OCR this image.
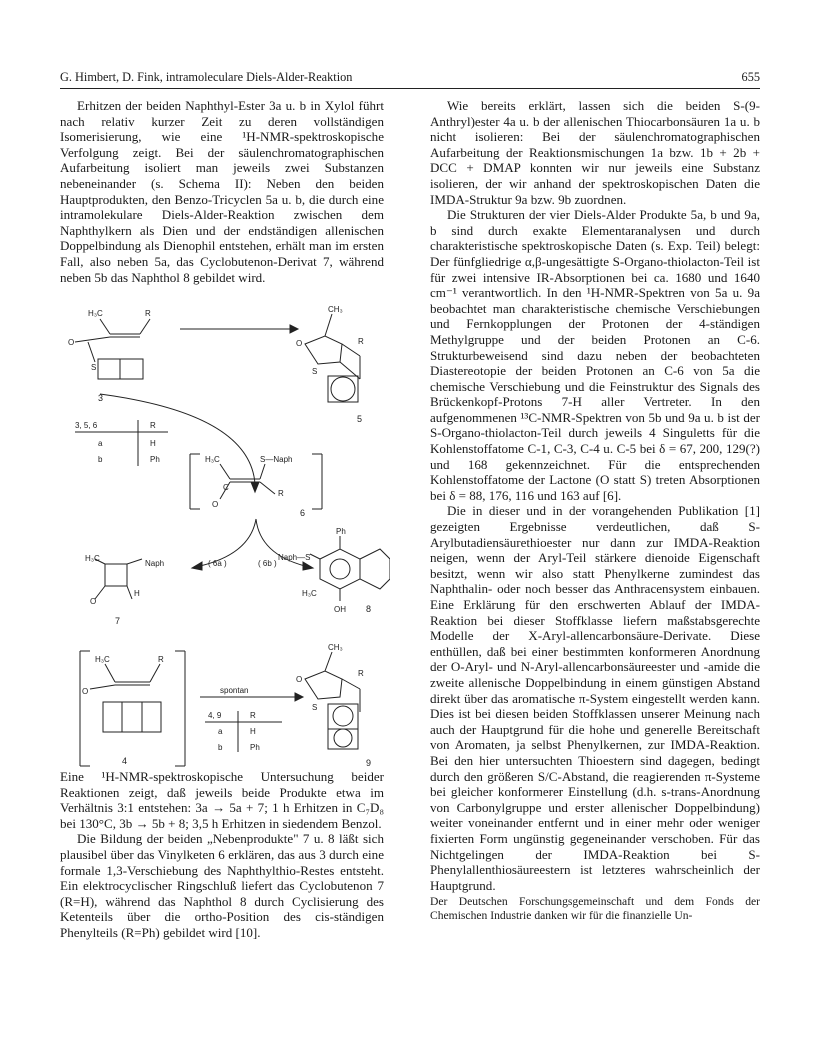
G. Himbert, D. Fink, intramoleculare Diels-Alder-Reaktion	655

Erhitzen der beiden Naphthyl-Ester 3a u. b in Xylol führt nach relativ kurzer Zeit zu deren vollständigen Isomerisierung, wie eine ¹H-NMR-spektroskopische Verfolgung zeigt. Bei der säulenchromatographischen Aufarbeitung isoliert man jeweils zwei Substanzen nebeneinander (s. Schema II): Neben den beiden Hauptprodukten, den Benzo-Tricyclen 5a u. b, die durch eine intramolekulare Diels-Alder-Reaktion zwischen dem Naphthylkern als Dien und der endständigen allenischen Doppelbindung als Dienophil entstehen, erhält man im ersten Fall, also neben 5a, das Cyclobutenon-Derivat 7, während neben 5b das Naphthol 8 gebildet wird.

H₃C	R
O
S
3
CH₃
O
S
R
5
3, 5, 6	R
a	H
b	Ph	H₃C	S—Naph
C
O
R
6
( 6a )	( 6b )
H₃C
Naph
O
H
7
Ph
Naph—S
H₃C
OH 8
H₃C	R
O
4
spontan
4, 9	R
a	H
b	Ph
CH₃
O
S
R
9

Eine ¹H-NMR-spektroskopische Untersuchung beider Reaktionen zeigt, daß jeweils beide Produkte etwa im Verhältnis 3:1 entstehen: 3a → 5a + 7; 1 h Erhitzen in C₇D₈ bei 130°C, 3b → 5b + 8; 3,5 h Erhitzen in siedendem Benzol.

Die Bildung der beiden „Nebenprodukte" 7 u. 8 läßt sich plausibel über das Vinylketen 6 erklären, das aus 3 durch eine formale 1,3-Verschiebung des Naphthylthio-Restes entsteht. Ein elektrocyclischer Ringschluß liefert das Cyclobutenon 7 (R=H), während das Naphthol 8 durch Cyclisierung des Ketenteils über die ortho-Position des cis-ständigen Phenylteils (R=Ph) gebildet wird [10].

Wie bereits erklärt, lassen sich die beiden S-(9-Anthryl)ester 4a u. b der allenischen Thiocarbonsäuren 1a u. b nicht isolieren: Bei der säulenchromatographischen Aufarbeitung der Reaktionsmischungen 1a bzw. 1b + 2b + DCC + DMAP konnten wir nur jeweils eine Substanz isolieren, der wir anhand der spektroskopischen Daten die IMDA-Struktur 9a bzw. 9b zuordnen.

Die Strukturen der vier Diels-Alder Produkte 5a, b und 9a, b sind durch exakte Elementaranalysen und durch charakteristische spektroskopische Daten (s. Exp. Teil) belegt: Der fünfgliedrige α,β-ungesättigte S-Organo-thiolacton-Teil ist für zwei intensive IR-Absorptionen bei ca. 1680 und 1640 cm⁻¹ verantwortlich. In den ¹H-NMR-Spektren von 5a u. 9a beobachtet man charakteristische chemische Verschiebungen und Fernkopplungen der Protonen der 4-ständigen Methylgruppe und der beiden Protonen an C-6. Strukturbeweisend sind dazu neben der beobachteten Diastereotopie der beiden Protonen an C-6 von 5a die chemische Verschiebung und die Feinstruktur des Signals des Brückenkopf-Protons 7-H aller Vertreter. In den aufgenommenen ¹³C-NMR-Spektren von 5b und 9a u. b ist der S-Organo-thiolacton-Teil durch jeweils 4 Singuletts für die Kohlenstoffatome C-1, C-3, C-4 u. C-5 bei δ = 67, 200, 129(?) und 168 gekennzeichnet. Für die entsprechenden Kohlenstoffatome der Lactone (O statt S) treten Absorptionen bei δ = 88, 176, 116 und 163 auf [6].

Die in dieser und in der vorangehenden Publikation [1] gezeigten Ergebnisse verdeutlichen, daß S-Arylbutadiensäurethioester nur dann zur IMDA-Reaktion neigen, wenn der Aryl-Teil stärkere dienoide Eigenschaft besitzt, wenn wir also statt Phenylkerne zumindest das Naphthalin- oder noch besser das Anthracensystem einbauen. Eine Erklärung für den erschwerten Ablauf der IMDA-Reaktion bei dieser Stoffklasse liefern maßstabsgerechte Modelle der X-Aryl-allencarbonsäure-Derivate. Diese enthüllen, daß bei einer bestimmten konformeren Anordnung der O-Aryl- und N-Aryl-allencarbonsäureester und -amide die zweite allenische Doppelbindung in einem günstigen Abstand direkt über das aromatische π-System eingestellt werden kann. Dies ist bei diesen beiden Stoffklassen unserer Meinung nach auch der Hauptgrund für die hohe und generelle Bereitschaft von Aromaten, ja selbst Phenylkernen, zur IMDA-Reaktion. Bei den hier untersuchten Thioestern sind dagegen, bedingt durch den größeren S/C-Abstand, die reagierenden π-Systeme bei gleicher konformerer Einstellung (d.h. s-trans-Anordnung von Carbonylgruppe und erster allenischer Doppelbindung) weiter voneinander entfernt und in einer mehr oder weniger fixierten Form ungünstig gegeneinander verschoben. Für das Nichtgelingen der IMDA-Reaktion bei S-Phenylallenthiosäureestern ist letzteres wahrscheinlich der Hauptgrund.

Der Deutschen Forschungsgemeinschaft und dem Fonds der Chemischen Industrie danken wir für die finanzielle Un-
